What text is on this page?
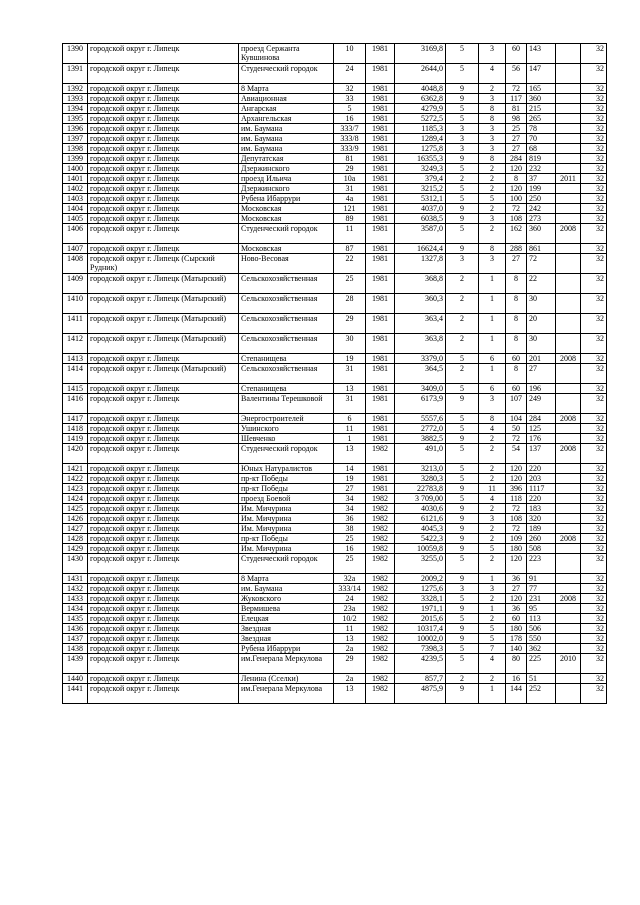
1390	городской округ г. Липецк	проезд Сержанта Кувшинова	10	1981	3169,8	5	3	60	143		32
1391	городской округ г. Липецк	Студенческий городок	24	1981	2644,0	5	4	56	147		32
1392	городской округ г. Липецк	8 Марта	32	1981	4048,8	9	2	72	165		32
1393	городской округ г. Липецк	Авиационная	33	1981	6362,8	9	3	117	360		32
1394	городской округ г. Липецк	Ангарская	5	1981	4279,9	5	8	81	215		32
1395	городской округ г. Липецк	Архангельская	16	1981	5272,5	5	8	98	265		32
1396	городской округ г. Липецк	им. Баумана	333/7	1981	1185,3	3	3	25	78		32
1397	городской округ г. Липецк	им. Баумана	333/8	1981	1289,4	3	3	27	70		32
1398	городской округ г. Липецк	им. Баумана	333/9	1981	1275,8	3	3	27	68		32
1399	городской округ г. Липецк	Депутатская	81	1981	16355,3	9	8	284	819		32
1400	городской округ г. Липецк	Дзержинского	29	1981	3249,3	5	2	120	232		32
1401	городской округ г. Липецк	проезд Ильича	10а	1981	379,4	2	2	8	37	2011	32
1402	городской округ г. Липецк	Дзержинского	31	1981	3215,2	5	2	120	199		32
1403	городской округ г. Липецк	Рубена Ибаррури	4а	1981	5312,1	5	5	100	250		32
1404	городской округ г. Липецк	Московская	121	1981	4037,0	9	2	72	242		32
1405	городской округ г. Липецк	Московская	89	1981	6038,5	9	3	108	273		32
1406	городской округ г. Липецк	Студенческий городок	11	1981	3587,0	5	2	162	360	2008	32
1407	городской округ г. Липецк	Московская	87	1981	16624,4	9	8	288	861		32
1408	городской округ г. Липецк (Сырский Рудник)	Ново-Весовая	22	1981	1327,8	3	3	27	72		32
1409	городской округ г. Липецк (Матырский)	Сельскохозяйственная	25	1981	368,8	2	1	8	22		32
1410	городской округ г. Липецк (Матырский)	Сельскохозяйственная	28	1981	360,3	2	1	8	30		32
1411	городской округ г. Липецк (Матырский)	Сельскохозяйственная	29	1981	363,4	2	1	8	20		32
1412	городской округ г. Липецк (Матырский)	Сельскохозяйственная	30	1981	363,8	2	1	8	30		32
1413	городской округ г. Липецк	Степанищева	19	1981	3379,0	5	6	60	201	2008	32
1414	городской округ г. Липецк (Матырский)	Сельскохозяйственная	31	1981	364,5	2	1	8	27		32
1415	городской округ г. Липецк	Степанищева	13	1981	3409,0	5	6	60	196		32
1416	городской округ г. Липецк	Валентины Терешковой	31	1981	6173,9	9	3	107	249		32
1417	городской округ г. Липецк	Энергостроителей	6	1981	5557,6	5	8	104	284	2008	32
1418	городской округ г. Липецк	Ушинского	11	1981	2772,0	5	4	50	125		32
1419	городской округ г. Липецк	Шевченко	1	1981	3882,5	9	2	72	176		32
1420	городской округ г. Липецк	Студенческий городок	13	1982	491,0	5	2	54	137	2008	32
1421	городской округ г. Липецк	Юных Натуралистов	14	1981	3213,0	5	2	120	220		32
1422	городской округ г. Липецк	пр-кт Победы	19	1981	3280,3	5	2	120	203		32
1423	городской округ г. Липецк	пр-кт Победы	27	1981	22783,8	9	11	396	1117		32
1424	городской округ г. Липецк	проезд Боевой	34	1982	3 709,00	5	4	118	220		32
1425	городской округ г. Липецк	Им. Мичурина	34	1982	4030,6	9	2	72	183		32
1426	городской округ г. Липецк	Им. Мичурина	36	1982	6121,6	9	3	108	320		32
1427	городской округ г. Липецк	Им. Мичурина	38	1982	4045,3	9	2	72	189		32
1428	городской округ г. Липецк	пр-кт Победы	25	1982	5422,3	9	2	109	260	2008	32
1429	городской округ г. Липецк	Им. Мичурина	16	1982	10059,8	9	5	180	508		32
1430	городской округ г. Липецк	Студенческий городок	25	1982	3255,0	5	2	120	223		32
1431	городской округ г. Липецк	8 Марта	32а	1982	2009,2	9	1	36	91		32
1432	городской округ г. Липецк	им. Баумана	333/14	1982	1275,6	3	3	27	77		32
1433	городской округ г. Липецк	Жуковского	24	1982	3328,1	5	2	120	231	2008	32
1434	городской округ г. Липецк	Вермишева	23а	1982	1971,1	9	1	36	95		32
1435	городской округ г. Липецк	Елецкая	10/2	1982	2015,6	5	2	60	113		32
1436	городской округ г. Липецк	Звездная	11	1982	10317,4	9	5	180	506		32
1437	городской округ г. Липецк	Звездная	13	1982	10002,0	9	5	178	550		32
1438	городской округ г. Липецк	Рубена Ибаррури	2а	1982	7398,3	5	7	140	362		32
1439	городской округ г. Липецк	им.Генерала Меркулова	29	1982	4239,5	5	4	80	225	2010	32
1440	городской округ г. Липецк	Ленина (Сселки)	2а	1982	857,7	2	2	16	51		32
1441	городской округ г. Липецк	им.Генерала Меркулова	13	1982	4875,9	9	1	144	252		32
